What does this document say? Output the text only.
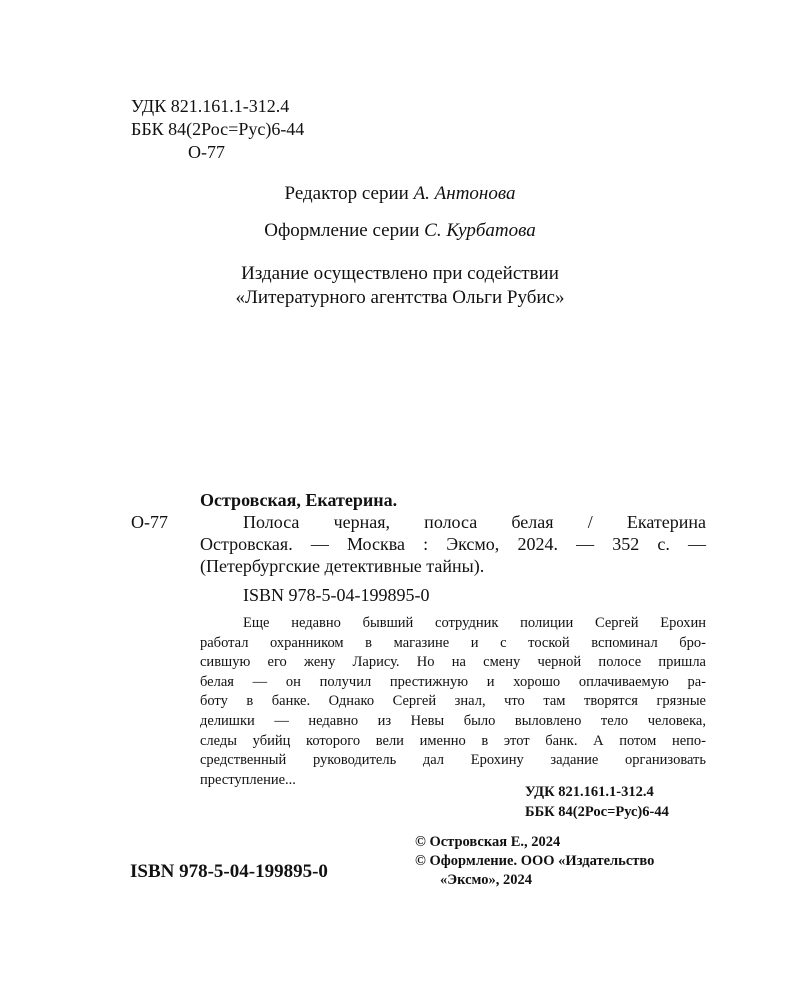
УДК 821.161.1-312.4
ББК 84(2Рос=Рус)6-44
О-77
Редактор серии А. Антонова
Оформление серии С. Курбатова
Издание осуществлено при содействии
«Литературного агентства Ольги Рубис»
Островская, Екатерина.
О-77	Полоса черная, полоса белая / Екатерина
Островская. — Москва : Эксмо, 2024. — 352 с. —
(Петербургские детективные тайны).
ISBN 978-5-04-199895-0

Еще недавно бывший сотрудник полиции Сергей Ерохин

работал охранником в магазине и с тоской вспоминал бро-

сившую его жену Ларису. Но на смену черной полосе пришла

белая — он получил престижную и хорошо оплачиваемую ра-

боту в банке. Однако Сергей знал, что там творятся грязные

делишки — недавно из Невы было выловлено тело человека,

следы убийц которого вели именно в этот банк. А потом непо-

средственный руководитель дал Ерохину задание организовать

преступление...

УДК 821.161.1-312.4
ББК 84(2Рос=Рус)6-44
© Островская Е., 2024
© Оформление. ООО «Издательство
«Эксмо», 2024
ISBN 978-5-04-199895-0
